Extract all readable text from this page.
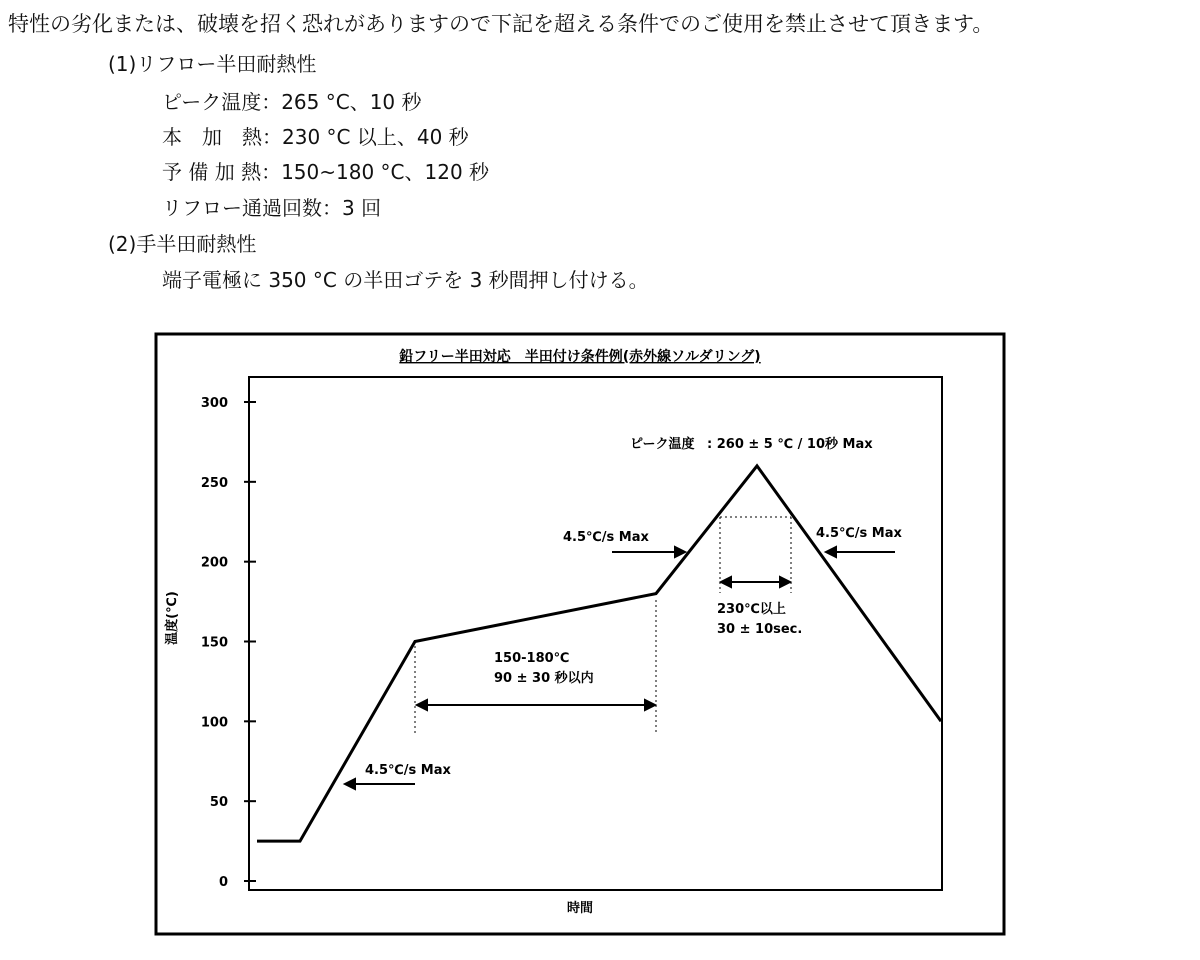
特性の劣化または、破壊を招く恐れがありますので下記を超える条件でのご使用を禁止させて頂きます。
(1)リフロー半田耐熱性
ピーク温度：265 °C、10 秒
本　加　熱：230 °C 以上、40 秒
予 備 加 熱：150~180 °C、120 秒
リフロー通過回数：3 回
(2)手半田耐熱性
端子電極に 350 °C の半田ゴテを 3 秒間押し付ける。
鉛フリー半田対応　半田付け条件例(赤外線ソルダリング)
0
50
100
150
200
250
300
温度(℃)
時間
4.5℃/s Max
4.5℃/s Max	4.5℃/s Max
150-180℃
90 ± 30 秒以内
ピーク温度 : 260 ± 5 ℃ / 10秒 Max
230℃以上
30 ± 10sec.
